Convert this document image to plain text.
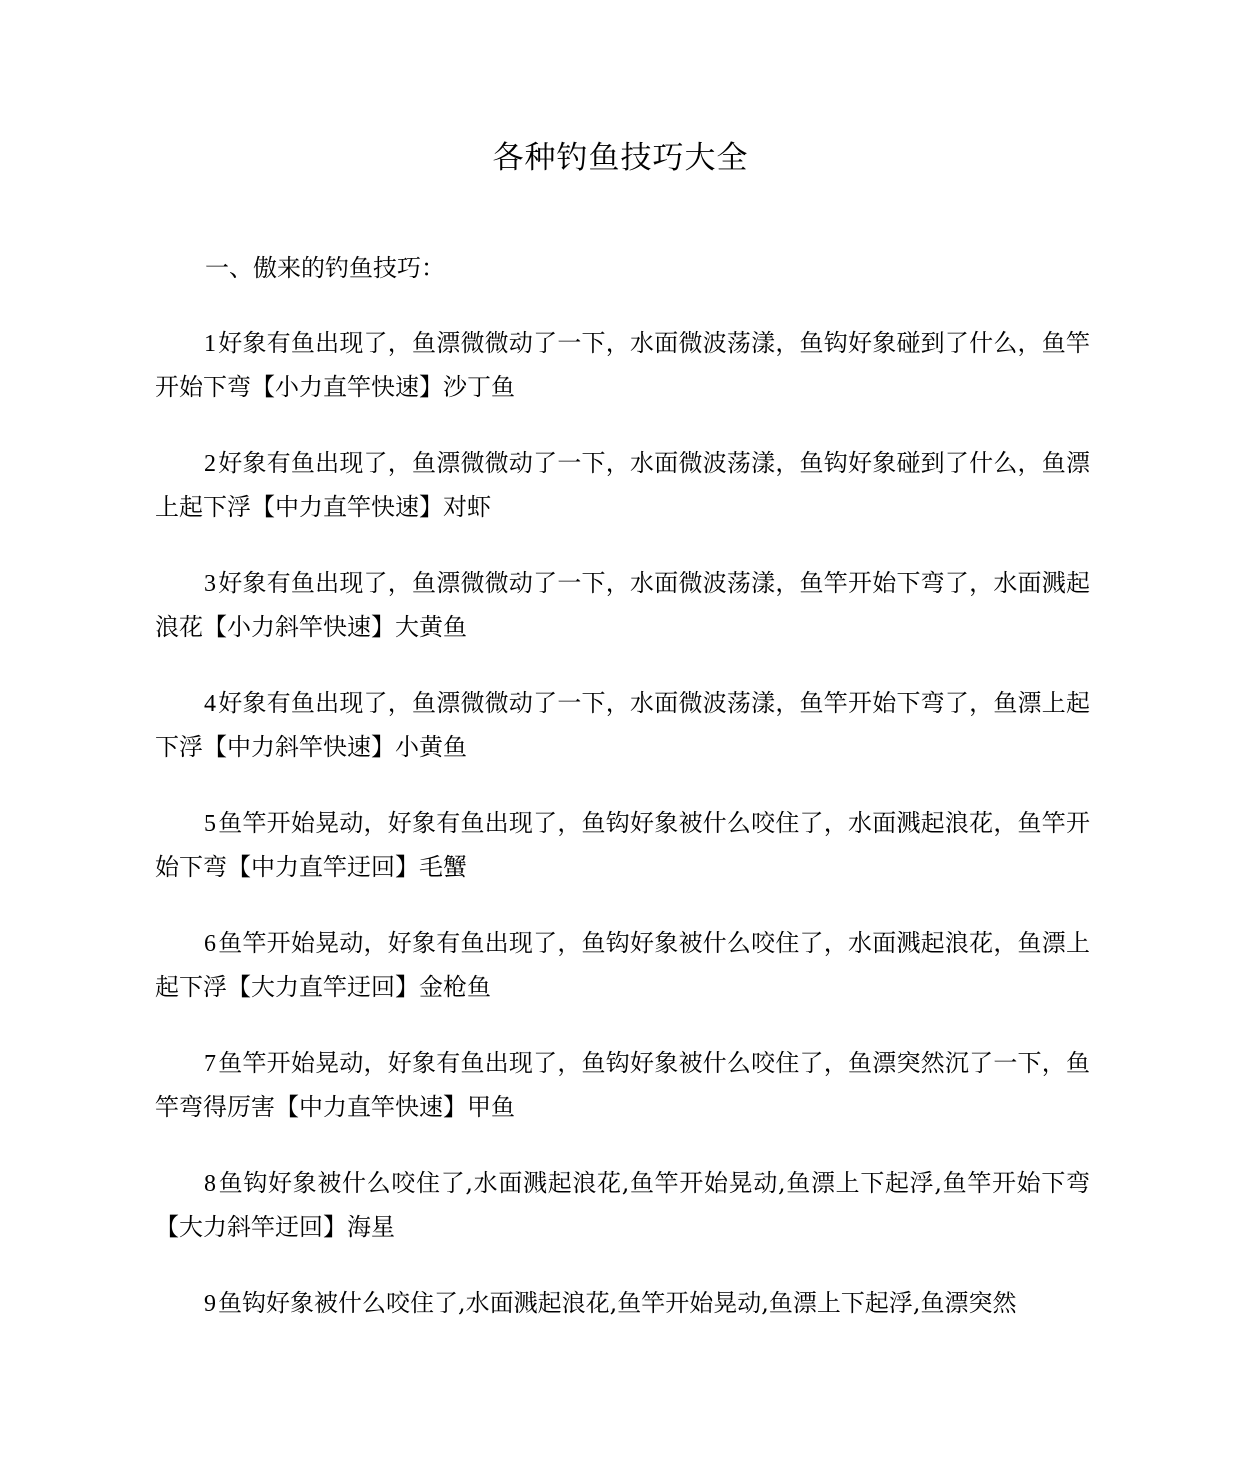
各种钓鱼技巧大全
一、傲来的钓鱼技巧：

1好象有鱼出现了，鱼漂微微动了一下，水面微波荡漾，鱼钩好象碰到了什么，鱼竿开始下弯【小力直竿快速】沙丁鱼

2好象有鱼出现了，鱼漂微微动了一下，水面微波荡漾，鱼钩好象碰到了什么，鱼漂上起下浮【中力直竿快速】对虾

3好象有鱼出现了，鱼漂微微动了一下，水面微波荡漾，鱼竿开始下弯了，水面溅起浪花【小力斜竿快速】大黄鱼

4好象有鱼出现了，鱼漂微微动了一下，水面微波荡漾，鱼竿开始下弯了，鱼漂上起下浮【中力斜竿快速】小黄鱼

5鱼竿开始晃动，好象有鱼出现了，鱼钩好象被什么咬住了，水面溅起浪花，鱼竿开始下弯【中力直竿迂回】毛蟹

6鱼竿开始晃动，好象有鱼出现了，鱼钩好象被什么咬住了，水面溅起浪花，鱼漂上起下浮【大力直竿迂回】金枪鱼

7鱼竿开始晃动，好象有鱼出现了，鱼钩好象被什么咬住了，鱼漂突然沉了一下，鱼竿弯得厉害【中力直竿快速】甲鱼

8鱼钩好象被什么咬住了,水面溅起浪花,鱼竿开始晃动,鱼漂上下起浮,鱼竿开始下弯【大力斜竿迂回】海星

9鱼钩好象被什么咬住了,水面溅起浪花,鱼竿开始晃动,鱼漂上下起浮,鱼漂突然
